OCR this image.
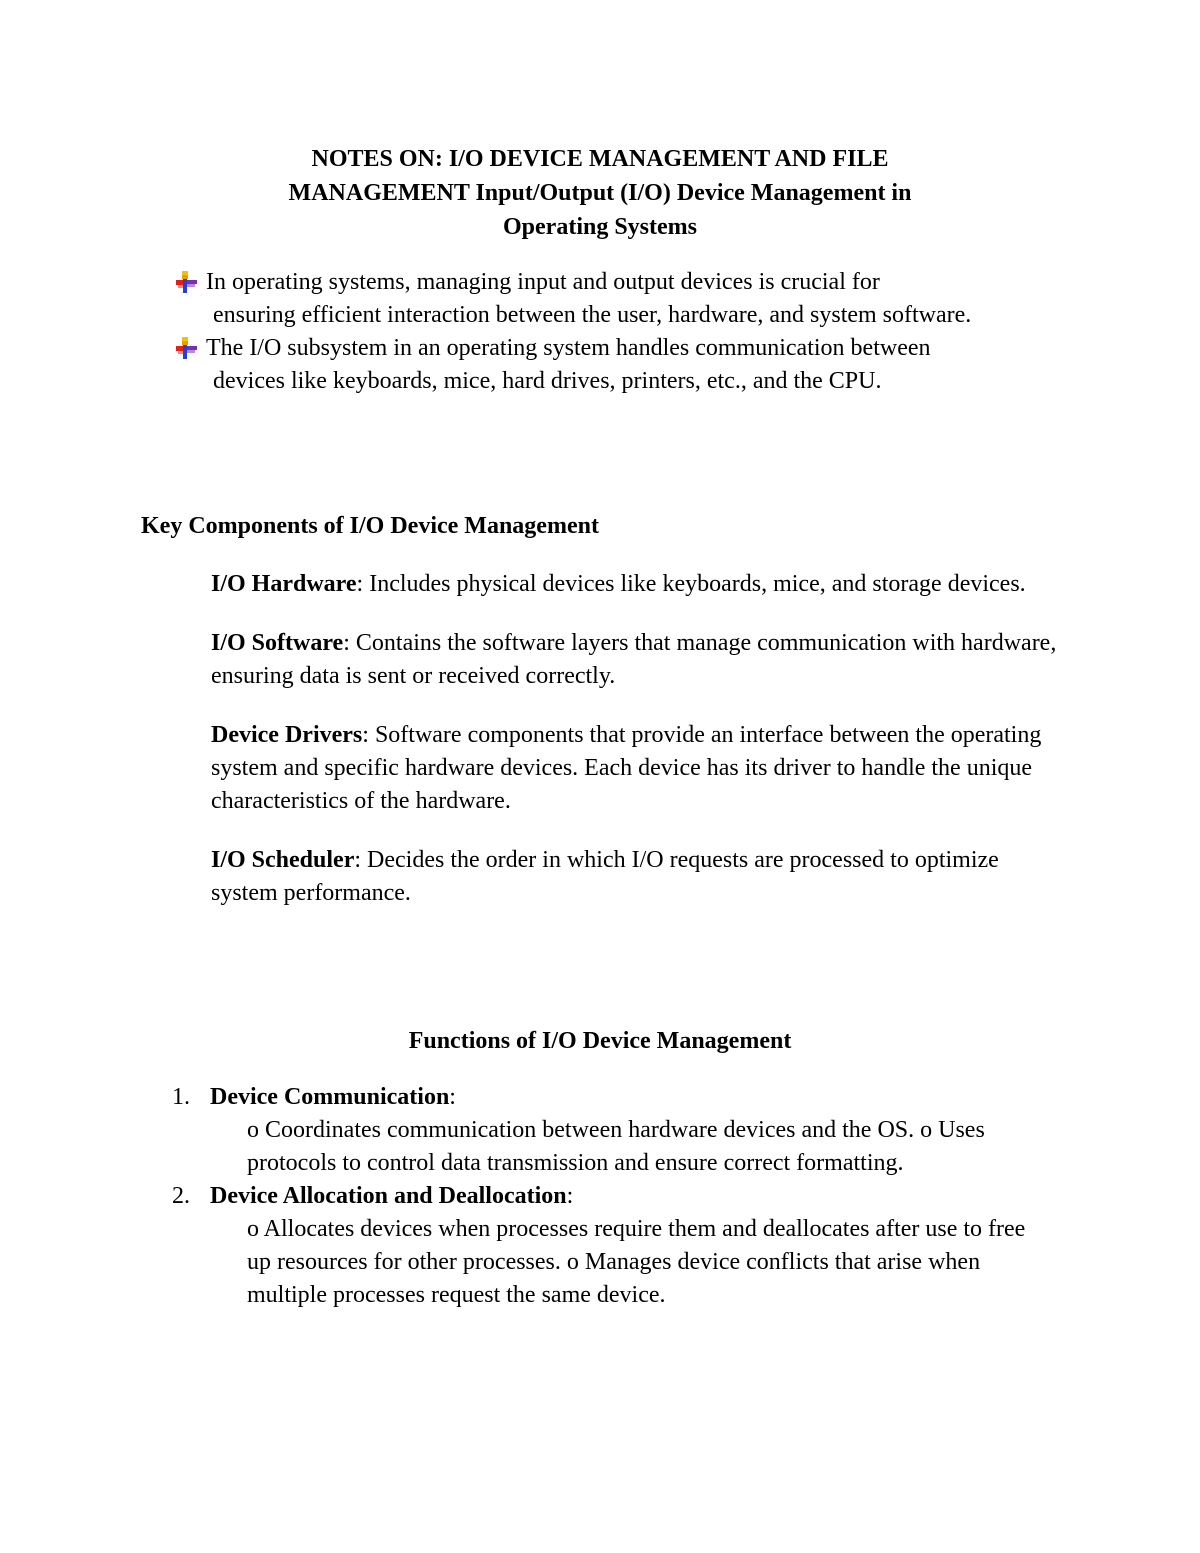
NOTES ON: I/O DEVICE MANAGEMENT AND FILE
MANAGEMENT Input/Output (I/O) Device Management in
Operating Systems
In operating systems, managing input and output devices is crucial for
ensuring efficient interaction between the user, hardware, and system software.
The I/O subsystem in an operating system handles communication between
devices like keyboards, mice, hard drives, printers, etc., and the CPU.
Key Components of I/O Device Management

I/O Hardware: Includes physical devices like keyboards, mice, and storage devices.

I/O Software: Contains the software layers that manage communication with hardware, ensuring data is sent or received correctly.

Device Drivers: Software components that provide an interface between the operating system and specific hardware devices. Each device has its driver to handle the unique characteristics of the hardware.

I/O Scheduler: Decides the order in which I/O requests are processed to optimize system performance.

Functions of I/O Device Management
1. Device Communication:
o Coordinates communication between hardware devices and the OS. o Uses protocols to control data transmission and ensure correct formatting.
2. Device Allocation and Deallocation:
o Allocates devices when processes require them and deallocates after use to free up resources for other processes. o Manages device conflicts that arise when multiple processes request the same device.
